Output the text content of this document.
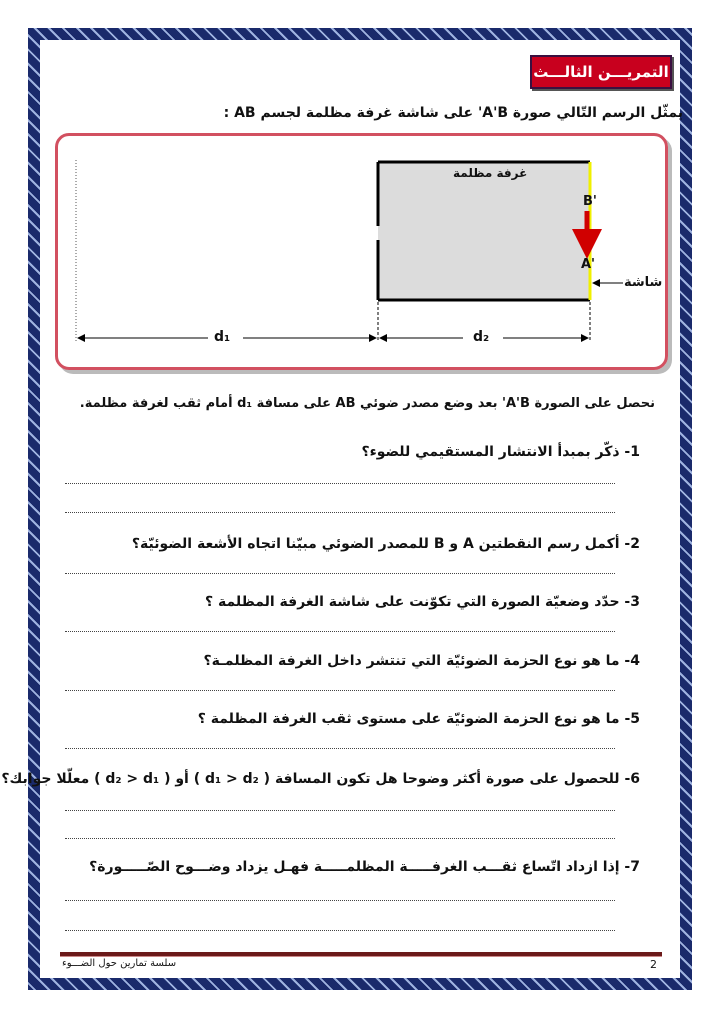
التمريـــن الثالـــث
يمثّل الرسم التّالي صورة A'B' على شاشة غرفة مظلمة لجسم AB :
غرفة مظلمة
شاشة
B'
A'
d₁	d₂
نحصل على الصورة A'B' بعد وضع مصدر ضوئي AB على مسافة d₁ أمام ثقب لغرفة مظلمة.
1- ذكّر بمبدأ الانتشار المستقيمي للضوء؟
2- أكمل رسم النقطتين A و B للمصدر الضوئي مبيّنا اتجاه الأشعة الضوئيّة؟
3- حدّد وضعيّة الصورة التي تكوّنت على شاشة الغرفة المظلمة ؟
4- ما هو نوع الحزمة الضوئيّة التي تنتشر داخل الغرفة المظلمـة؟
5- ما هو نوع الحزمة الضوئيّة على مستوى ثقب الغرفة المظلمة ؟
6- للحصول على صورة أكثر وضوحا هل تكون المسافة ( d₁ > d₂ ) أو ( d₂ > d₁ ) معلّلا جوابك؟
7- إذا ازداد اتّساع ثقـــب الغرفـــــة المظلمـــــة فهـل يزداد وضـــوح الصّـــــورة؟
سلسة تمارين حول الضـــوء	2
